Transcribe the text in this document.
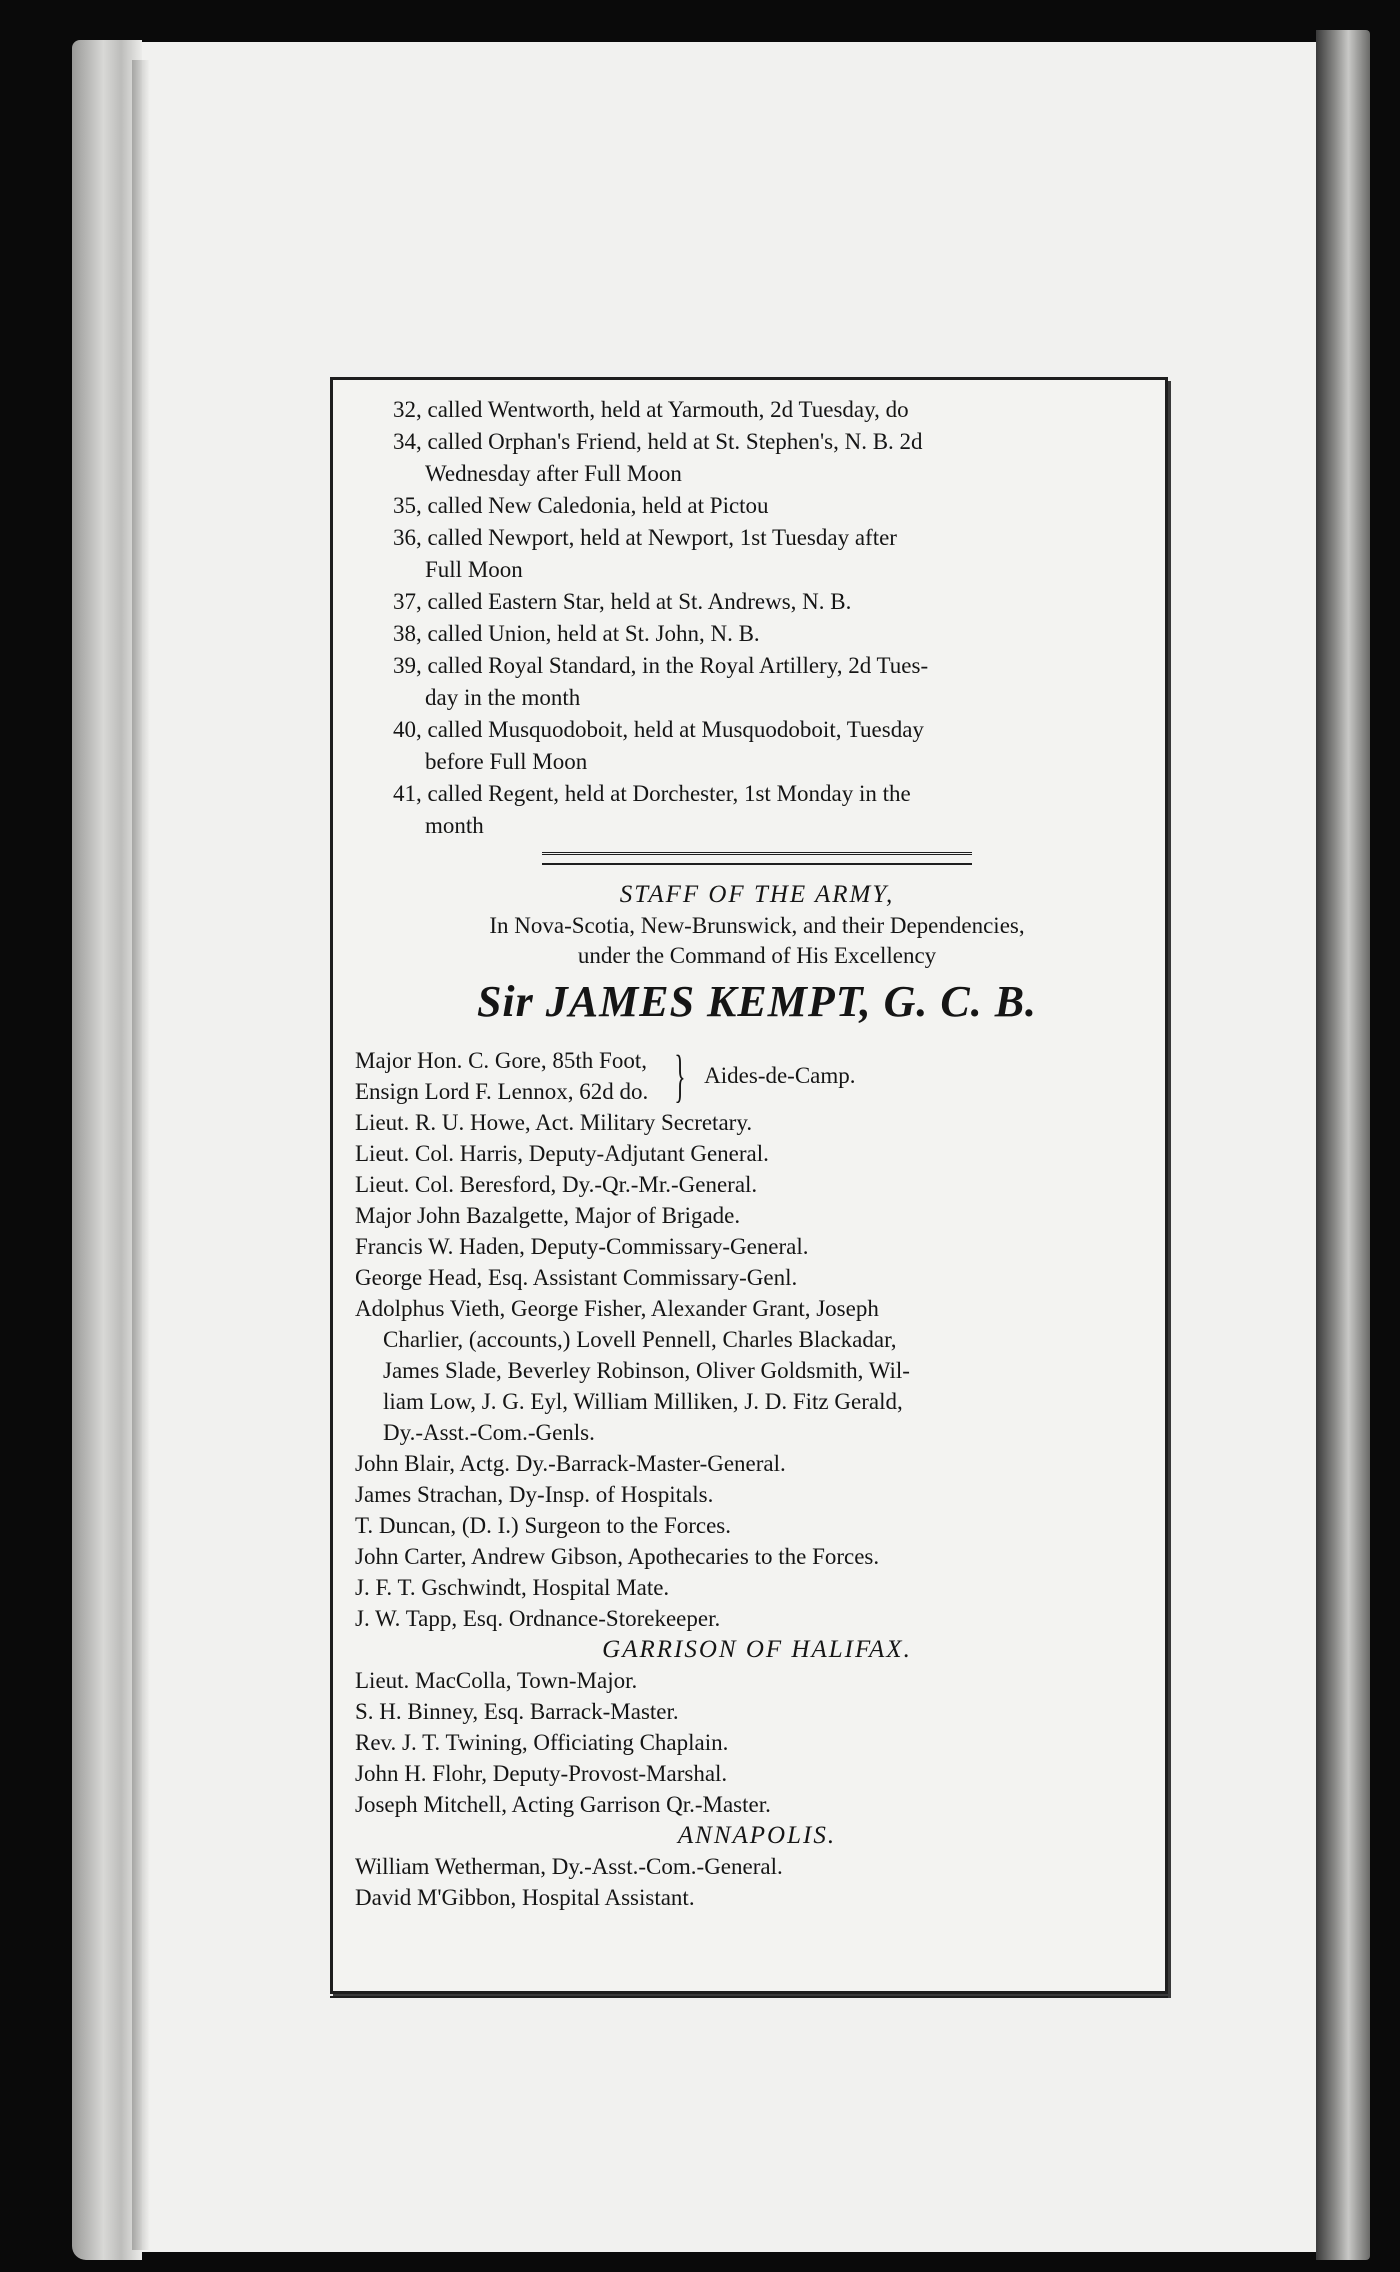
32, called Wentworth, held at Yarmouth, 2d Tuesday, do

34, called Orphan's Friend, held at St. Stephen's, N. B. 2d

Wednesday after Full Moon

35, called New Caledonia, held at Pictou

36, called Newport, held at Newport, 1st Tuesday after

Full Moon

37, called Eastern Star, held at St. Andrews, N. B.

38, called Union, held at St. John, N. B.

39, called Royal Standard, in the Royal Artillery, 2d Tues-

day in the month

40, called Musquodoboit, held at Musquodoboit, Tuesday

before Full Moon

41, called Regent, held at Dorchester, 1st Monday in the

month

STAFF OF THE ARMY,
In Nova-Scotia, New-Brunswick, and their Dependencies,
under the Command of His Excellency
Sir JAMES KEMPT, G. C. B.
Major Hon. C. Gore, 85th Foot,
Ensign Lord F. Lennox, 62d do. } Aides-de-Camp.

Lieut. R. U. Howe, Act. Military Secretary.

Lieut. Col. Harris, Deputy-Adjutant General.

Lieut. Col. Beresford, Dy.-Qr.-Mr.-General.

Major John Bazalgette, Major of Brigade.

Francis W. Haden, Deputy-Commissary-General.

George Head, Esq. Assistant Commissary-Genl.

Adolphus Vieth, George Fisher, Alexander Grant, Joseph

Charlier, (accounts,) Lovell Pennell, Charles Blackadar,

James Slade, Beverley Robinson, Oliver Goldsmith, Wil-

liam Low, J. G. Eyl, William Milliken, J. D. Fitz Gerald,

Dy.-Asst.-Com.-Genls.

John Blair, Actg. Dy.-Barrack-Master-General.

James Strachan, Dy-Insp. of Hospitals.

T. Duncan, (D. I.) Surgeon to the Forces.

John Carter, Andrew Gibson, Apothecaries to the Forces.

J. F. T. Gschwindt, Hospital Mate.

J. W. Tapp, Esq. Ordnance-Storekeeper.

GARRISON OF HALIFAX.

Lieut. MacColla, Town-Major.

S. H. Binney, Esq. Barrack-Master.

Rev. J. T. Twining, Officiating Chaplain.

John H. Flohr, Deputy-Provost-Marshal.

Joseph Mitchell, Acting Garrison Qr.-Master.

ANNAPOLIS.

William Wetherman, Dy.-Asst.-Com.-General.

David M'Gibbon, Hospital Assistant.
